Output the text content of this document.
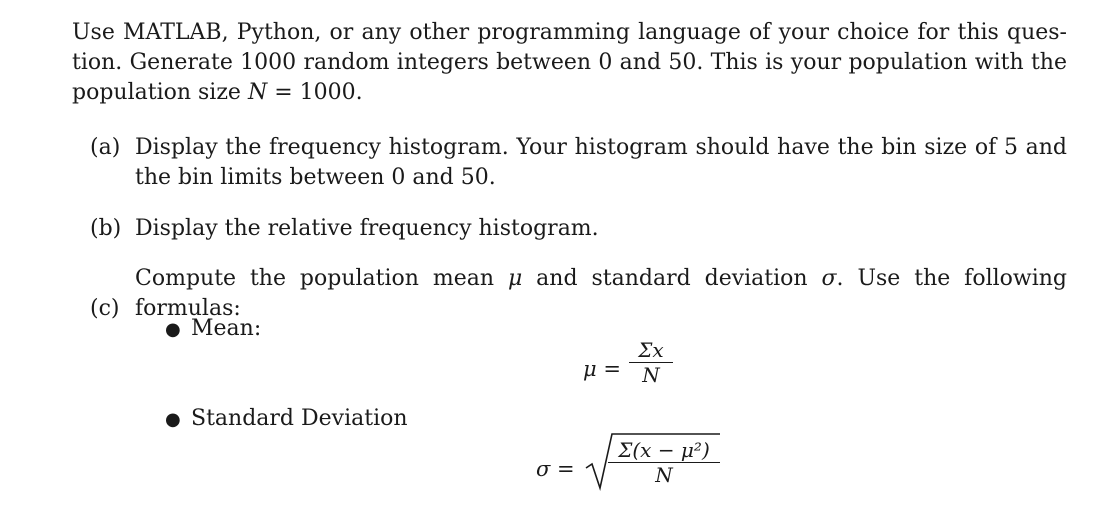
Use MATLAB, Python, or any other programming language of your choice for this ques-
tion. Generate 1000 random integers between 0 and 50. This is your population with the
population size N = 1000.
(a) Display the frequency histogram. Your histogram should have the bin size of 5 and
the bin limits between 0 and 50.
(b) Display the relative frequency histogram.
(c)Compute the population mean μ and standard deviation σ. Use the following formulas:
● Mean:
$\mu = \frac{\Sigma x}{N}$
● Standard Deviation
$\sigma = \frac{\text{Σ(x − μ²)}}{N}$
